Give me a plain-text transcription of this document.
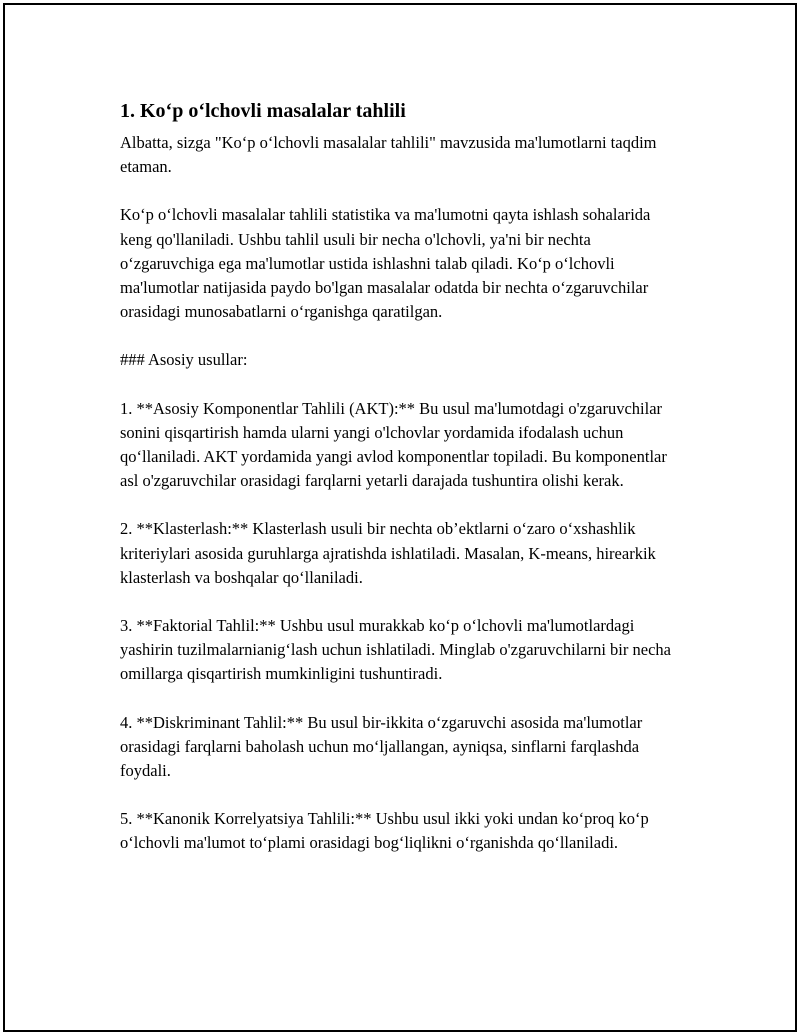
1. Ko‘p o‘lchovli masalalar tahlili

Albatta, sizga "Ko‘p o‘lchovli masalalar tahlili" mavzusida ma'lumotlarni taqdim etaman.

Ko‘p o‘lchovli masalalar tahlili statistika va ma'lumotni qayta ishlash sohalarida keng qo'llaniladi. Ushbu tahlil usuli bir necha o'lchovli, ya'ni bir nechta o‘zgaruvchiga ega ma'lumotlar ustida ishlashni talab qiladi. Ko‘p o‘lchovli ma'lumotlar natijasida paydo bo'lgan masalalar odatda bir nechta o‘zgaruvchilar orasidagi munosabatlarni o‘rganishga qaratilgan.

### Asosiy usullar:

1. **Asosiy Komponentlar Tahlili (AKT):** Bu usul ma'lumotdagi o'zgaruvchilar sonini qisqartirish hamda ularni yangi o'lchovlar yordamida ifodalash uchun qo‘llaniladi. AKT yordamida yangi avlod komponentlar topiladi. Bu komponentlar asl o'zgaruvchilar orasidagi farqlarni yetarli darajada tushuntira olishi kerak.

2. **Klasterlash:** Klasterlash usuli bir nechta ob’ektlarni o‘zaro o‘xshashlik kriteriylari asosida guruhlarga ajratishda ishlatiladi. Masalan, K-means, hirearkik klasterlash va boshqalar qo‘llaniladi.

3. **Faktorial Tahlil:** Ushbu usul murakkab ko‘p o‘lchovli ma'lumotlardagi yashirin tuzilmalarnianig‘lash uchun ishlatiladi. Minglab o'zgaruvchilarni bir necha omillarga qisqartirish mumkinligini tushuntiradi.

4. **Diskriminant Tahlil:** Bu usul bir-ikkita o‘zgaruvchi asosida ma'lumotlar orasidagi farqlarni baholash uchun mo‘ljallangan, ayniqsa, sinflarni farqlashda foydali.

5. **Kanonik Korrelyatsiya Tahlili:** Ushbu usul ikki yoki undan ko‘proq ko‘p o‘lchovli ma'lumot to‘plami orasidagi bog‘liqlikni o‘rganishda qo‘llaniladi.
